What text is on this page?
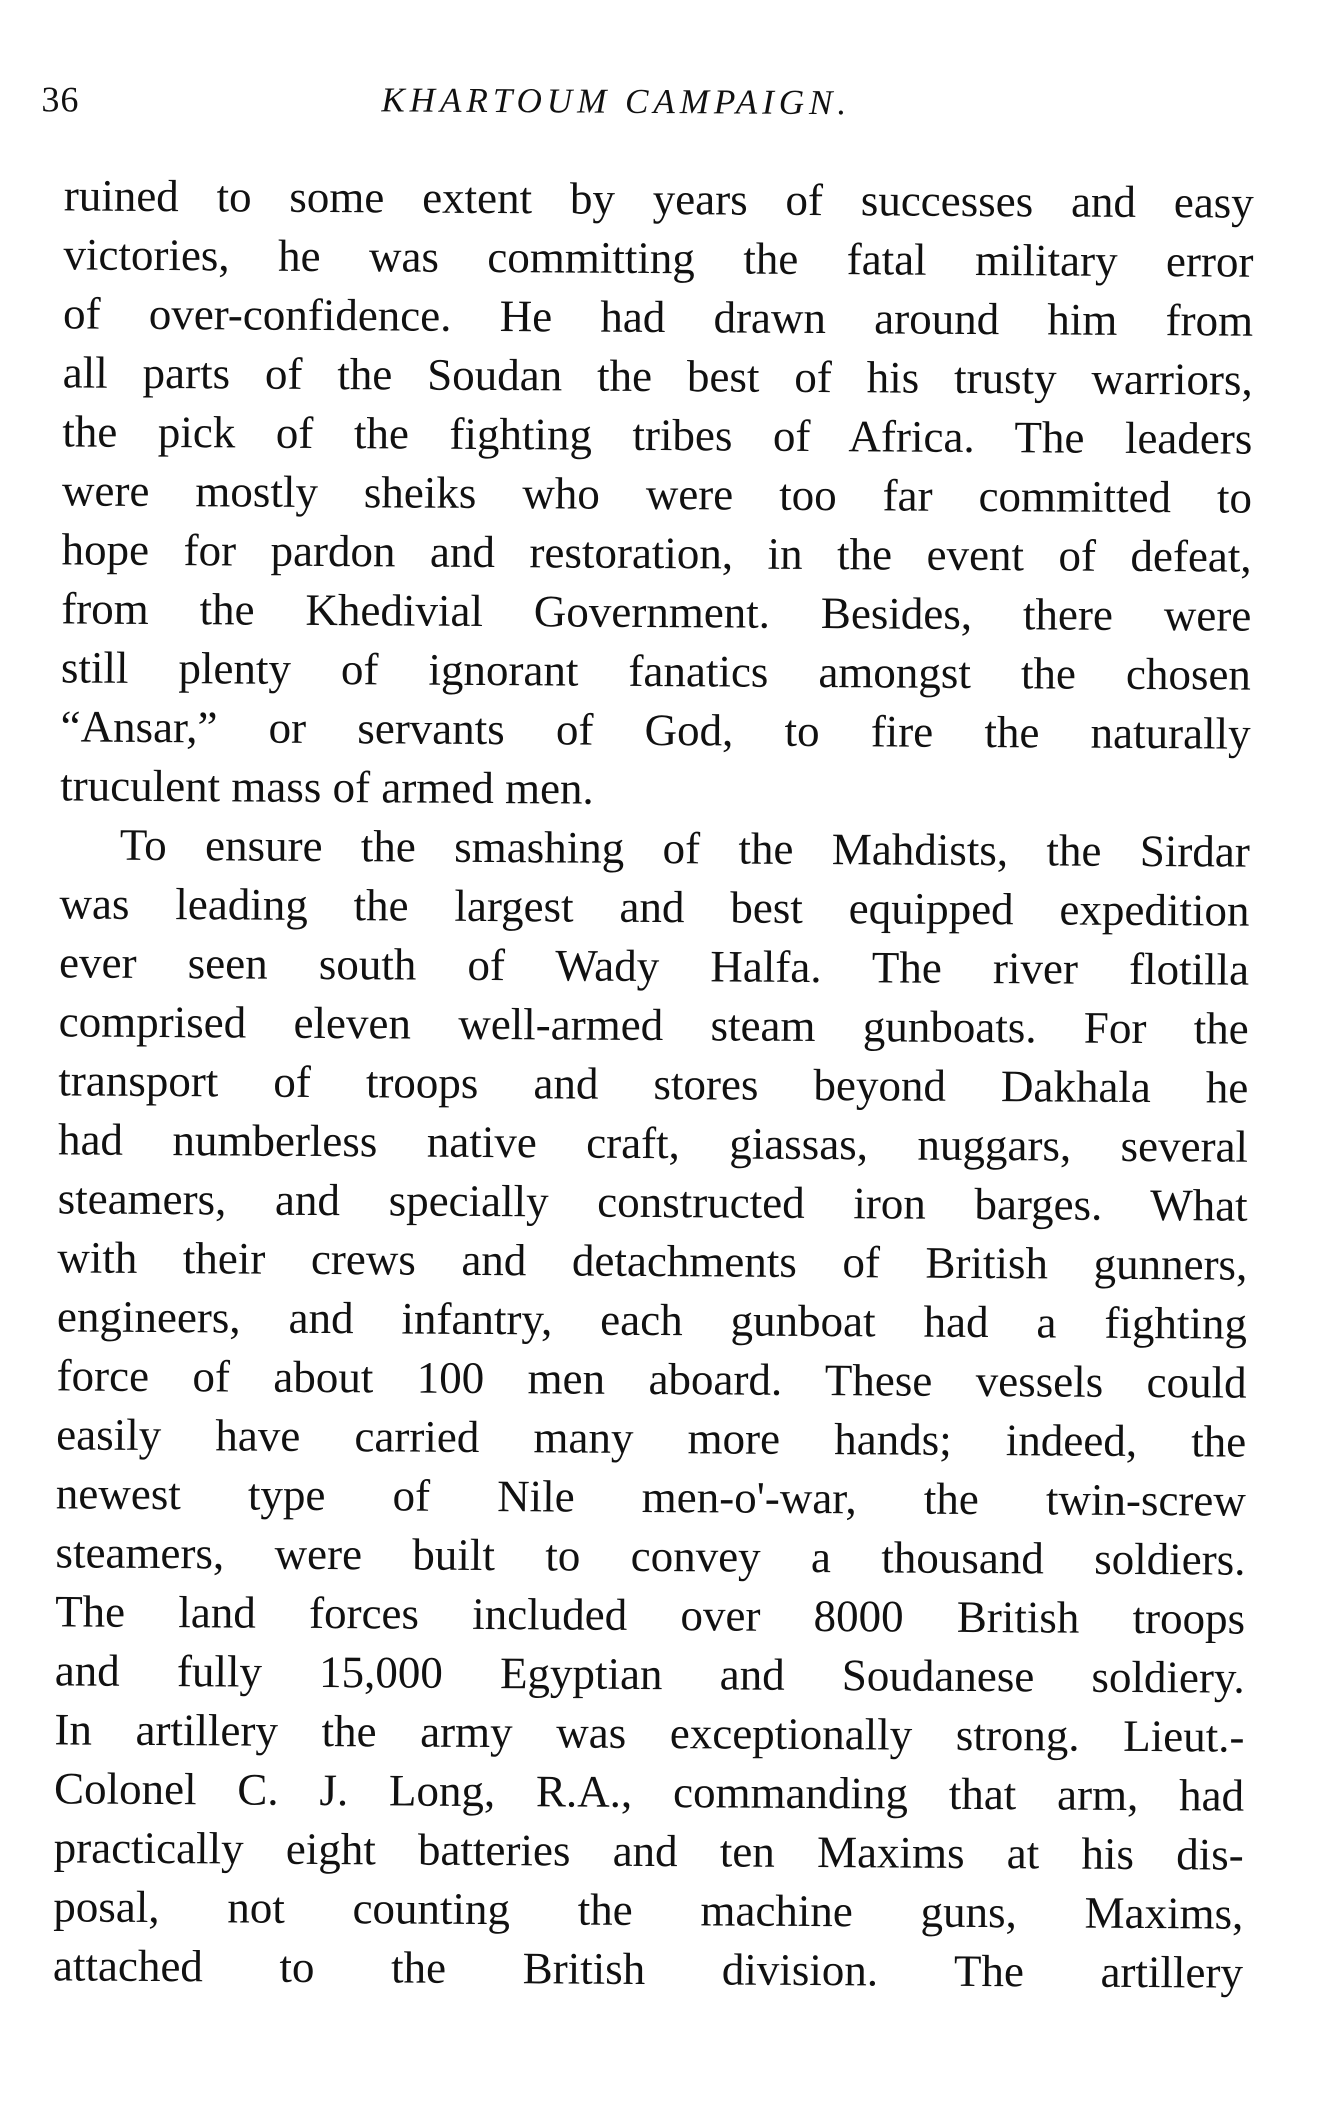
36	KHARTOUM CAMPAIGN.
ruined to some extent by years of successes and easy
victories, he was committing the fatal military error
of over-confidence. He had drawn around him from
all parts of the Soudan the best of his trusty warriors,
the pick of the fighting tribes of Africa. The leaders
were mostly sheiks who were too far committed to
hope for pardon and restoration, in the event of defeat,
from the Khedivial Government. Besides, there were
still plenty of ignorant fanatics amongst the chosen
“Ansar,” or servants of God, to fire the naturally
truculent mass of armed men.
To ensure the smashing of the Mahdists, the Sirdar
was leading the largest and best equipped expedition
ever seen south of Wady Halfa. The river flotilla
comprised eleven well-armed steam gunboats. For the
transport of troops and stores beyond Dakhala he
had numberless native craft, giassas, nuggars, several
steamers, and specially constructed iron barges. What
with their crews and detachments of British gunners,
engineers, and infantry, each gunboat had a fighting
force of about 100 men aboard. These vessels could
easily have carried many more hands; indeed, the
newest type of Nile men-o'-war, the twin-screw
steamers, were built to convey a thousand soldiers.
The land forces included over 8000 British troops
and fully 15,000 Egyptian and Soudanese soldiery.
In artillery the army was exceptionally strong. Lieut.-
Colonel C. J. Long, R.A., commanding that arm, had
practically eight batteries and ten Maxims at his dis-
posal, not counting the machine guns, Maxims,
attached to the British division. The artillery
